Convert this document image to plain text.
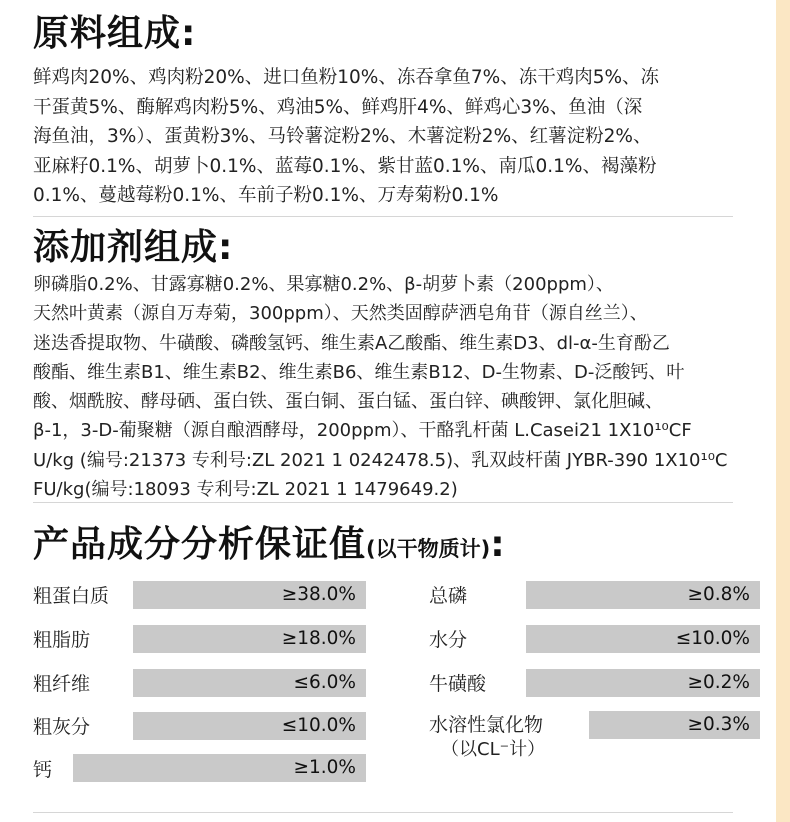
原料组成:
鲜鸡肉20%、鸡肉粉20%、进口鱼粉10%、冻吞拿鱼7%、冻干鸡肉5%、冻
干蛋黄5%、酶解鸡肉粉5%、鸡油5%、鲜鸡肝4%、鲜鸡心3%、鱼油（深
海鱼油，3%）、蛋黄粉3%、马铃薯淀粉2%、木薯淀粉2%、红薯淀粉2%、
亚麻籽0.1%、胡萝卜0.1%、蓝莓0.1%、紫甘蓝0.1%、南瓜0.1%、褐藻粉
0.1%、蔓越莓粉0.1%、车前子粉0.1%、万寿菊粉0.1%
添加剂组成:
卵磷脂0.2%、甘露寡糖0.2%、果寡糖0.2%、β-胡萝卜素（200ppm）、
天然叶黄素（源自万寿菊，300ppm）、天然类固醇萨洒皂角苷（源自丝兰）、
迷迭香提取物、牛磺酸、磷酸氢钙、维生素A乙酸酯、维生素D3、dl-α-生育酚乙
酸酯、维生素B1、维生素B2、维生素B6、维生素B12、D-生物素、D-泛酸钙、叶
酸、烟酰胺、酵母硒、蛋白铁、蛋白铜、蛋白锰、蛋白锌、碘酸钾、氯化胆碱、
β-1，3-D-葡聚糖（源自酿酒酵母，200ppm）、干酪乳杆菌 L.Casei21 1X10¹⁰CF
U/kg (编号:21373 专利号:ZL 2021 1 0242478.5)、乳双歧杆菌 JYBR-390 1X10¹⁰C
FU/kg(编号:18093 专利号:ZL 2021 1 1479649.2)
产品成分分析保证值(以干物质计):
粗蛋白质	≥38.0%
粗脂肪	≥18.0%
粗纤维	≤6.0%
粗灰分	≤10.0%
钙	≥1.0%
总磷	≥0.8%
水分	≤10.0%
牛磺酸	≥0.2%
水溶性氯化物
（以CL⁻计）
≥0.3%
